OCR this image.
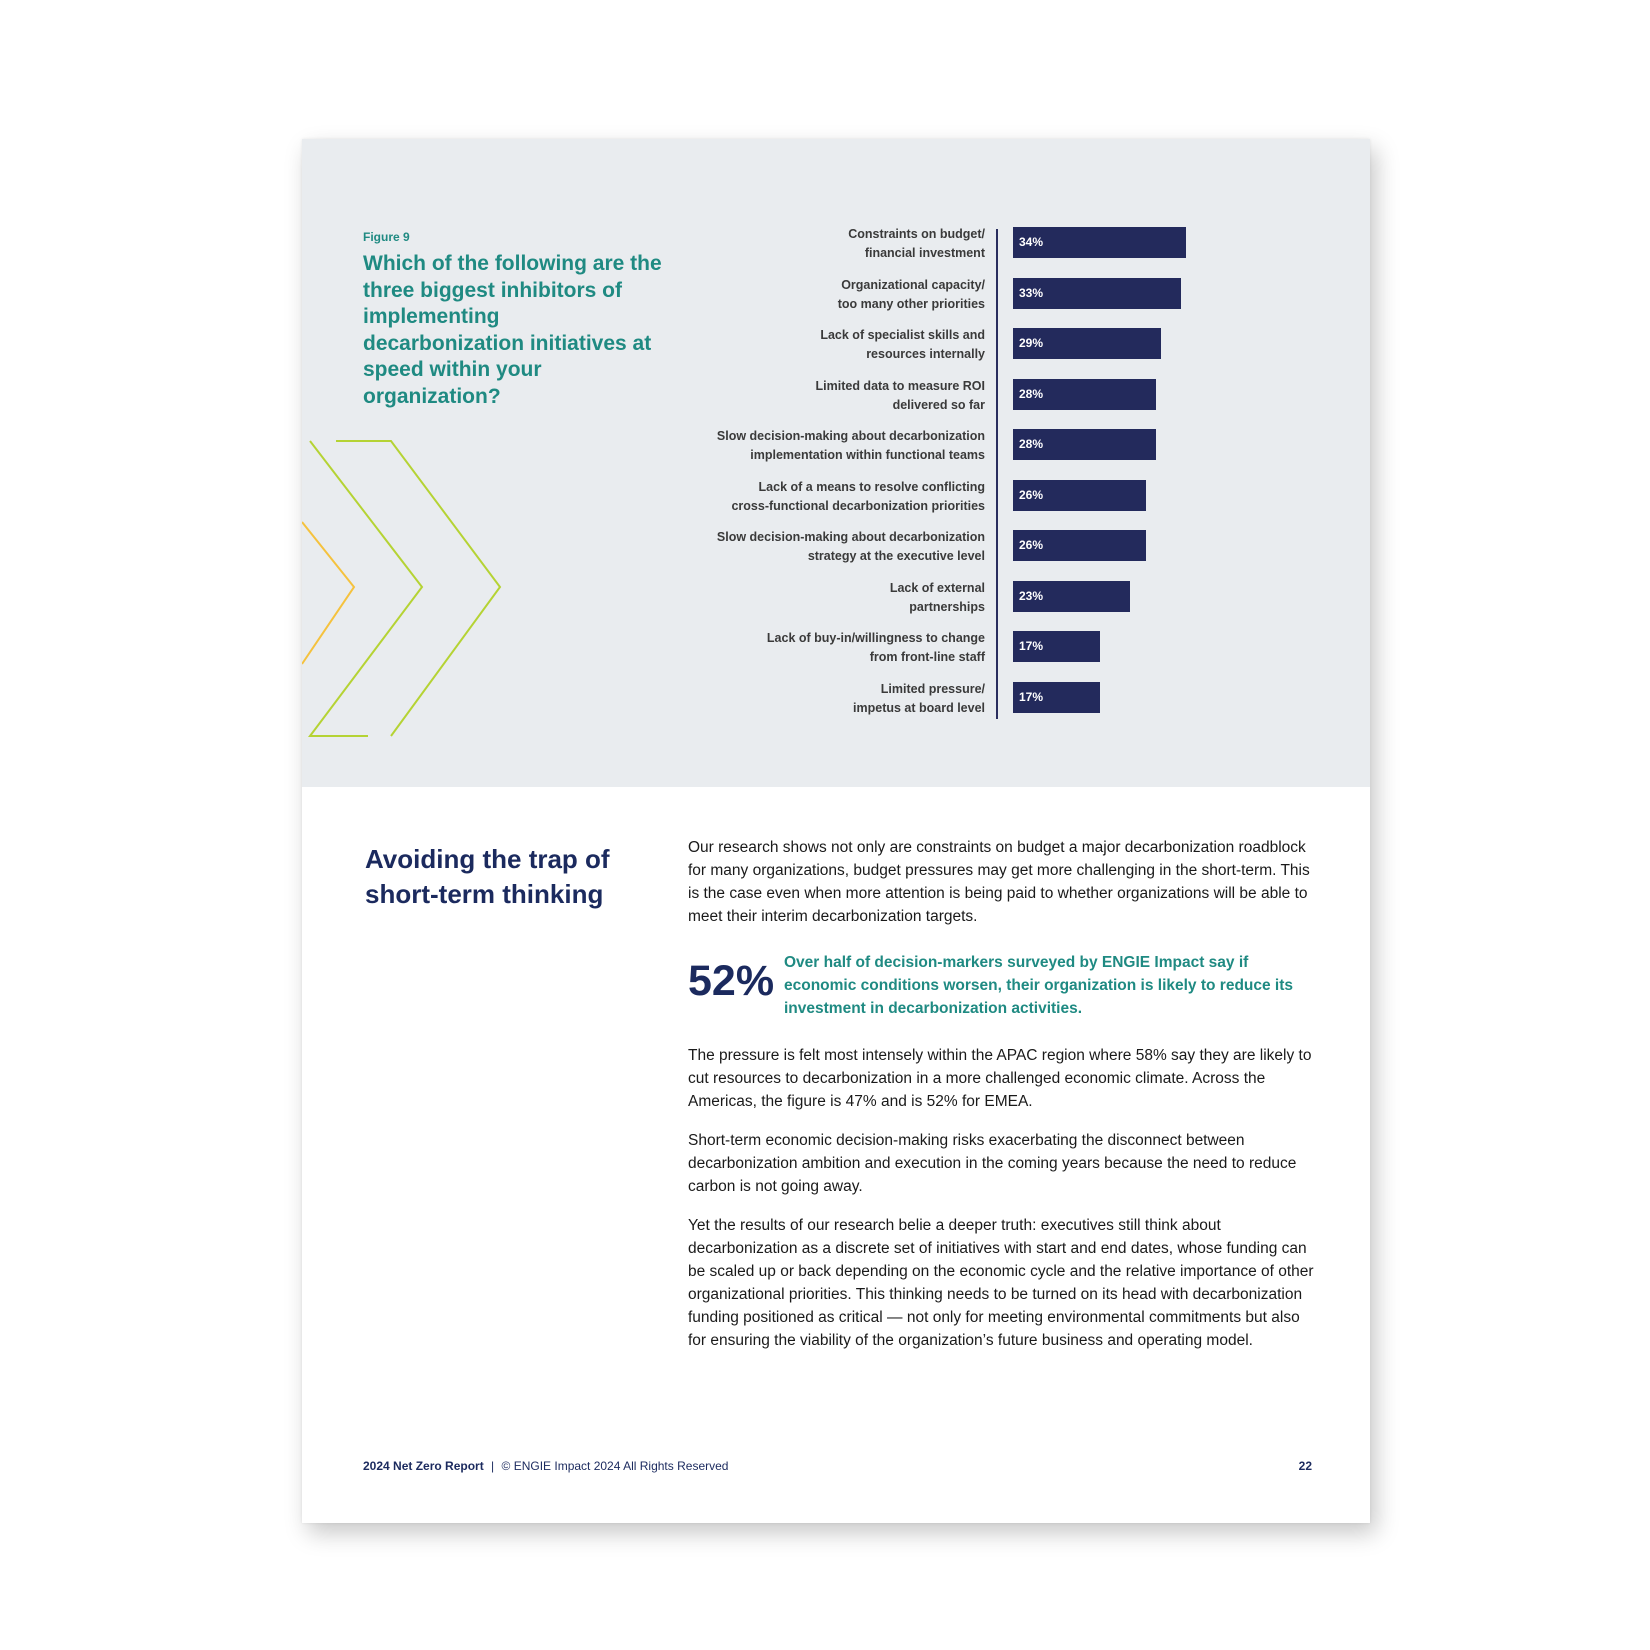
Figure 9
Which of the following are the three biggest inhibitors of implementing decarbonization initiatives at speed within your organization?
Constraints on budget/
financial investment
34%
Organizational capacity/
too many other priorities
33%
Lack of specialist skills and
resources internally
29%
Limited data to measure ROI
delivered so far
28%
Slow decision-making about decarbonization
implementation within functional teams
28%
Lack of a means to resolve conflicting
cross-functional decarbonization priorities
26%
Slow decision-making about decarbonization
strategy at the executive level
26%
Lack of external
partnerships
23%
Lack of buy-in/willingness to change
from front-line staff
17%
Limited pressure/
impetus at board level
17%
Avoiding the trap of short-term thinking
Our research shows not only are constraints on budget a major decarbonization roadblock for many organizations, budget pressures may get more challenging in the short-term. This is the case even when more attention is being paid to whether organizations will be able to meet their interim decarbonization targets.
52% Over half of decision-markers surveyed by ENGIE Impact say if economic conditions worsen, their organization is likely to reduce its investment in decarbonization activities.
The pressure is felt most intensely within the APAC region where 58% say they are likely to cut resources to decarbonization in a more challenged economic climate. Across the Americas, the figure is 47% and is 52% for EMEA.
Short-term economic decision-making risks exacerbating the disconnect between decarbonization ambition and execution in the coming years because the need to reduce carbon is not going away.
Yet the results of our research belie a deeper truth: executives still think about decarbonization as a discrete set of initiatives with start and end dates, whose funding can be scaled up or back depending on the economic cycle and the relative importance of other organizational priorities. This thinking needs to be turned on its head with decarbonization funding positioned as critical — not only for meeting environmental commitments but also for ensuring the viability of the organization’s future business and operating model.
2024 Net Zero Report | © ENGIE Impact 2024 All Rights Reserved	22
